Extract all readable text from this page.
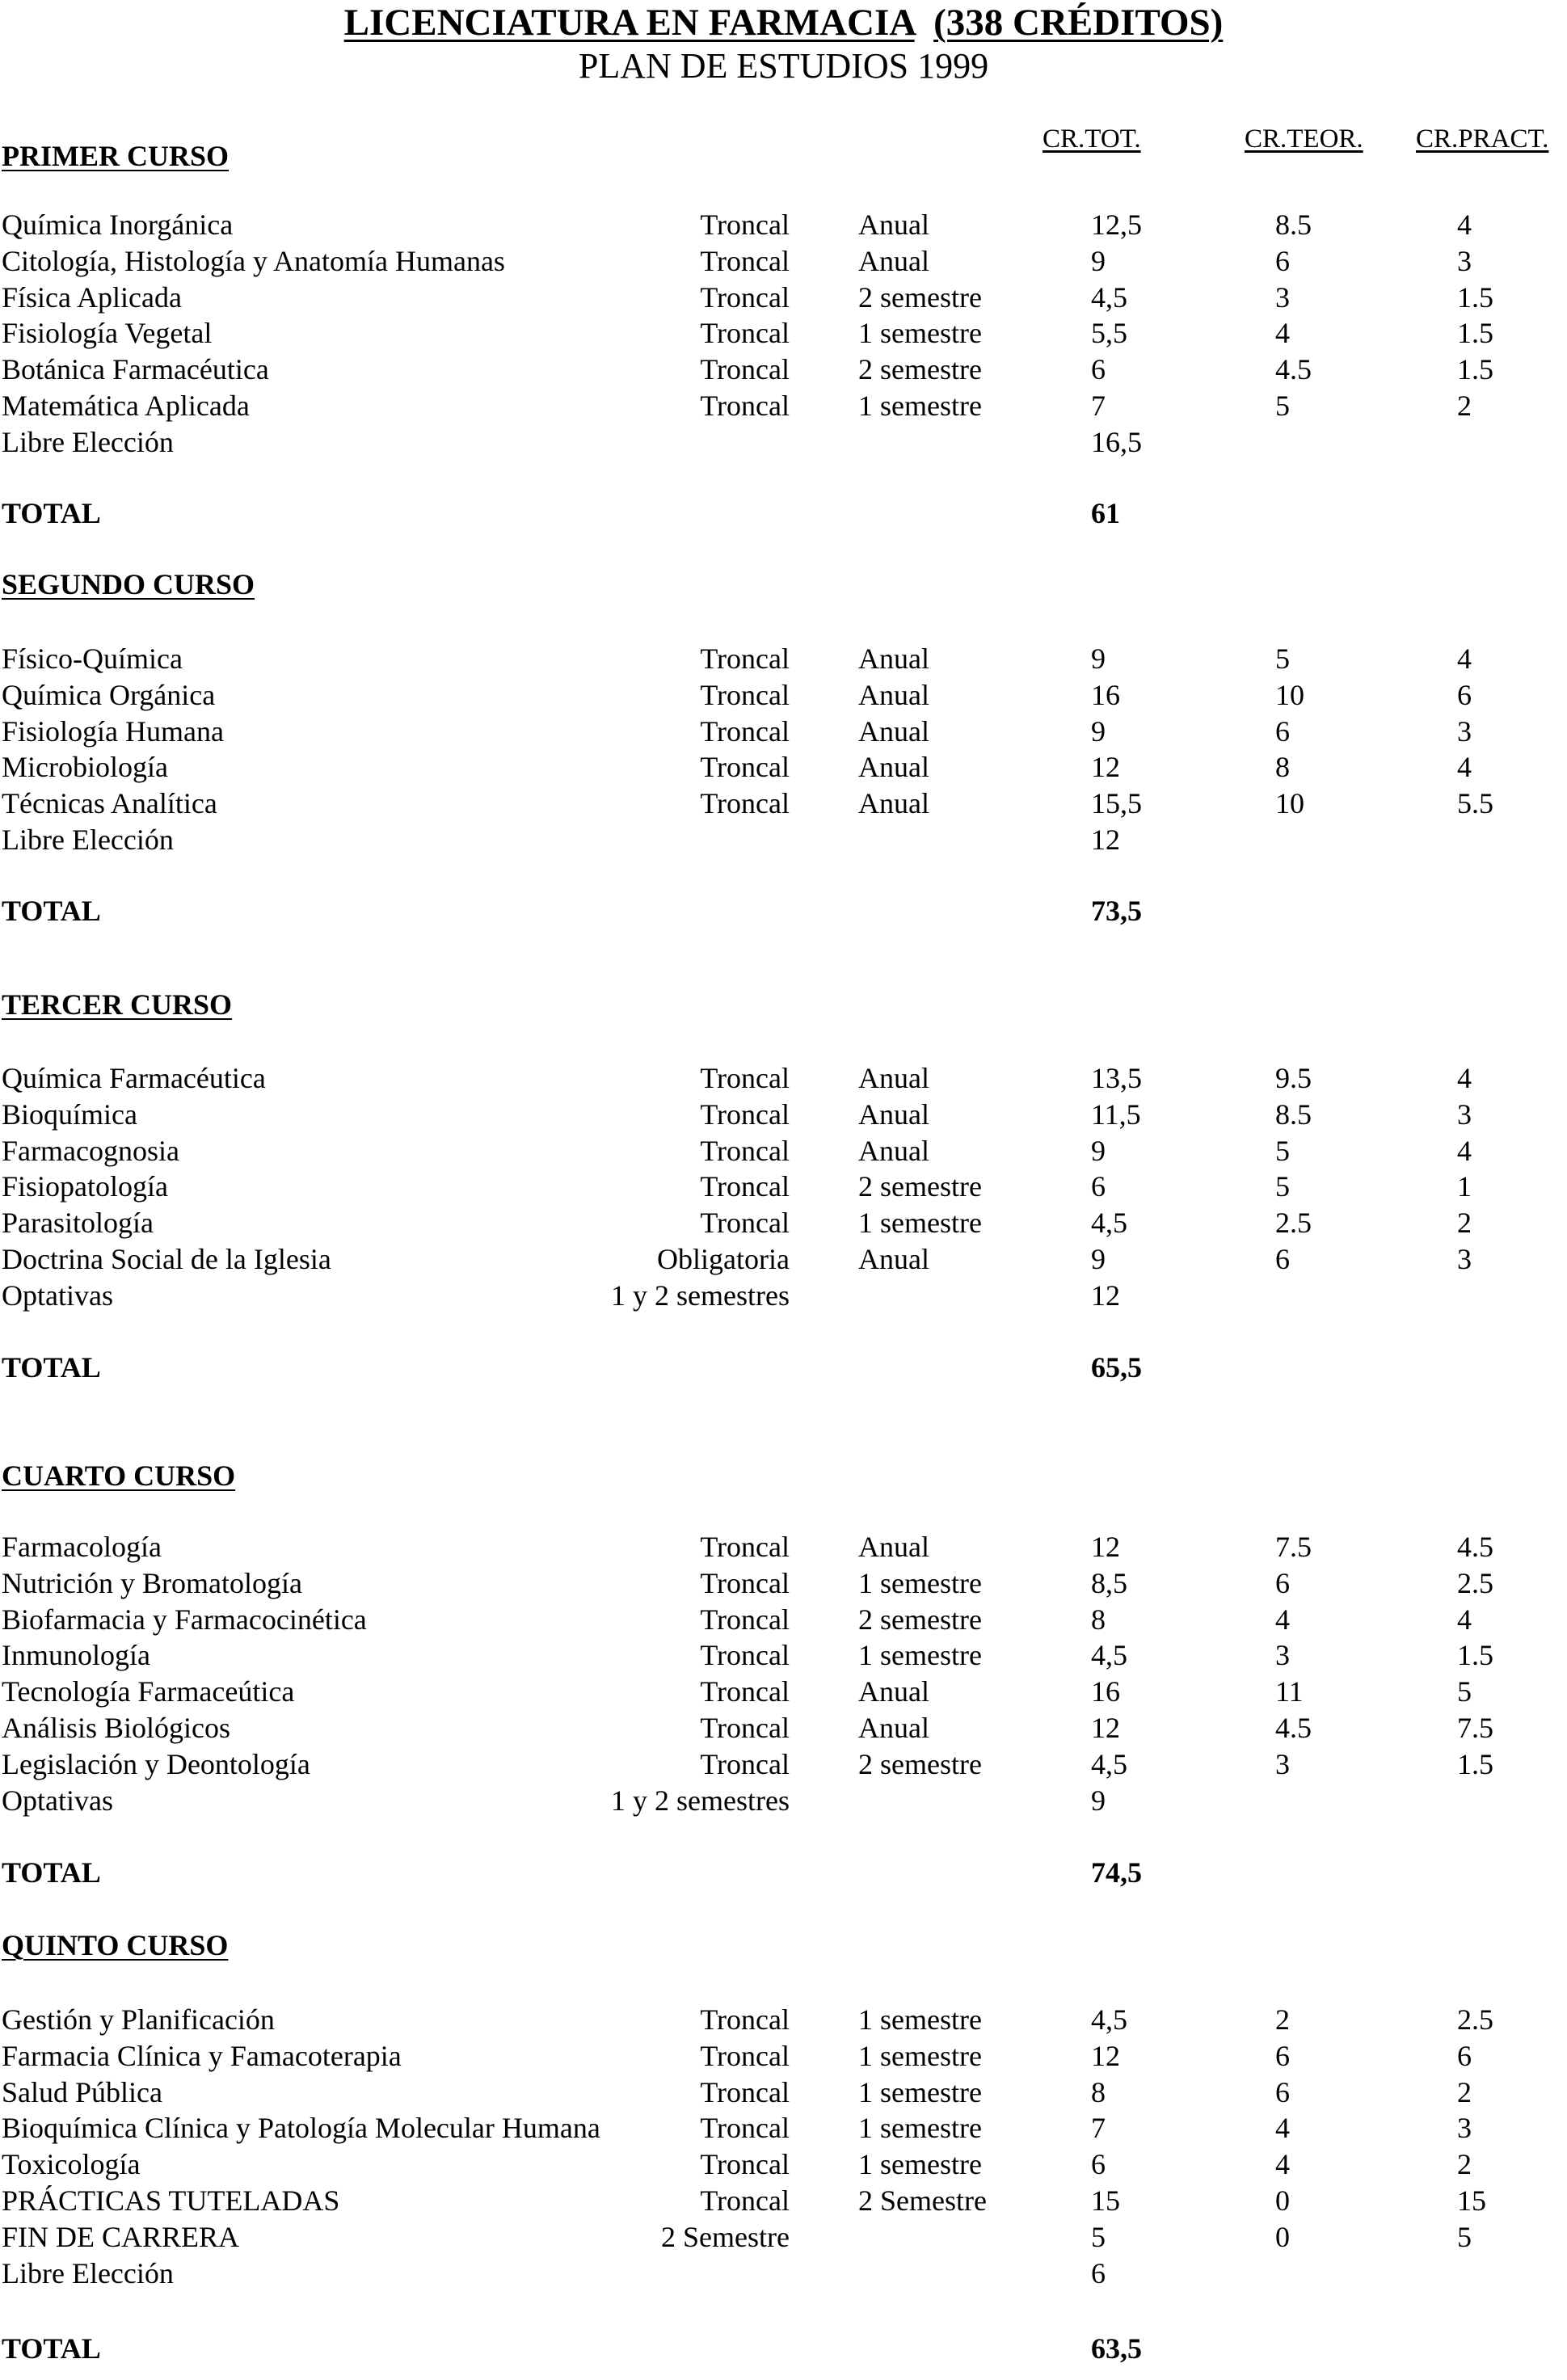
LICENCIATURA EN FARMACIA (338 CRÉDITOS)
PLAN DE ESTUDIOS 1999
CR.TOT.	CR.TEOR. CR.PRACT.
PRIMER CURSO
Química Inorgánica	Troncal Anual	12,5	8.5	4
Citología, Histología y Anatomía Humanas	Troncal Anual	9	6	3
Física Aplicada	Troncal 2 semestre	4,5	3	1.5
Fisiología Vegetal	Troncal 1 semestre	5,5	4	1.5
Botánica Farmacéutica	Troncal 2 semestre	6	4.5	1.5
Matemática Aplicada	Troncal 1 semestre	7	5	2
Libre Elección	16,5
TOTAL	61
SEGUNDO CURSO
Físico-Química	Troncal Anual	9	5	4
Química Orgánica	Troncal Anual	16	10	6
Fisiología Humana	Troncal Anual	9	6	3
Microbiología	Troncal Anual	12	8	4
Técnicas Analítica	Troncal Anual	15,5	10	5.5
Libre Elección	12
TOTAL	73,5
TERCER CURSO
Química Farmacéutica	Troncal Anual	13,5	9.5	4
Bioquímica	Troncal Anual	11,5	8.5	3
Farmacognosia	Troncal Anual	9	5	4
Fisiopatología	Troncal 2 semestre	6	5	1
Parasitología	Troncal 1 semestre	4,5	2.5	2
Doctrina Social de la Iglesia	Obligatoria Anual	9	6	3
Optativas	1 y 2 semestres	12
TOTAL	65,5
CUARTO CURSO
Farmacología	Troncal Anual	12	7.5	4.5
Nutrición y Bromatología	Troncal 1 semestre	8,5	6	2.5
Biofarmacia y Farmacocinética	Troncal 2 semestre	8	4	4
Inmunología	Troncal 1 semestre	4,5	3	1.5
Tecnología Farmaceútica	Troncal Anual	16	11	5
Análisis Biológicos	Troncal Anual	12	4.5	7.5
Legislación y Deontología	Troncal 2 semestre	4,5	3	1.5
Optativas	1 y 2 semestres	9
TOTAL	74,5
QUINTO CURSO
Gestión y Planificación	Troncal 1 semestre	4,5	2	2.5
Farmacia Clínica y Famacoterapia	Troncal 1 semestre	12	6	6
Salud Pública	Troncal 1 semestre	8	6	2
Bioquímica Clínica y Patología Molecular Humana	Troncal 1 semestre	7	4	3
Toxicología	Troncal 1 semestre	6	4	2
PRÁCTICAS TUTELADAS	Troncal 2 Semestre	15	0	15
FIN DE CARRERA	2 Semestre	5	0	5
Libre Elección	6
TOTAL	63,5
